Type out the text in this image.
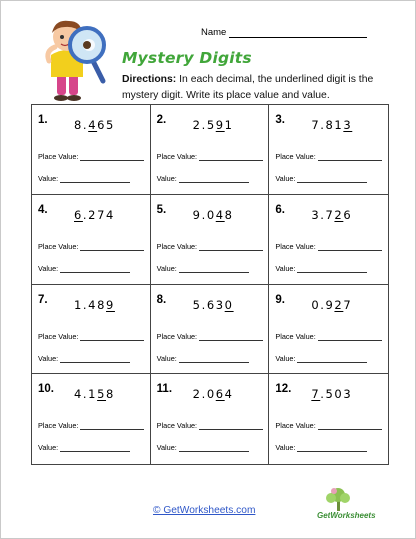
Name
Mystery Digits
Directions: In each decimal, the underlined digit is the mystery digit. Write its place value and value.
1. 8.465
Place Value:
Value:
2. 2.591
Place Value:
Value:
3. 7.813
Place Value:
Value:
4. 6.274
Place Value:
Value:
5. 9.048
Place Value:
Value:
6. 3.726
Place Value:
Value:
7. 1.489
Place Value:
Value:
8. 5.630
Place Value:
Value:
9. 0.927
Place Value:
Value:
10. 4.158
Place Value:
Value:
11. 2.064
Place Value:
Value:
12. 7.503
Place Value:
Value:
© GetWorksheets.com	GetWorksheets
